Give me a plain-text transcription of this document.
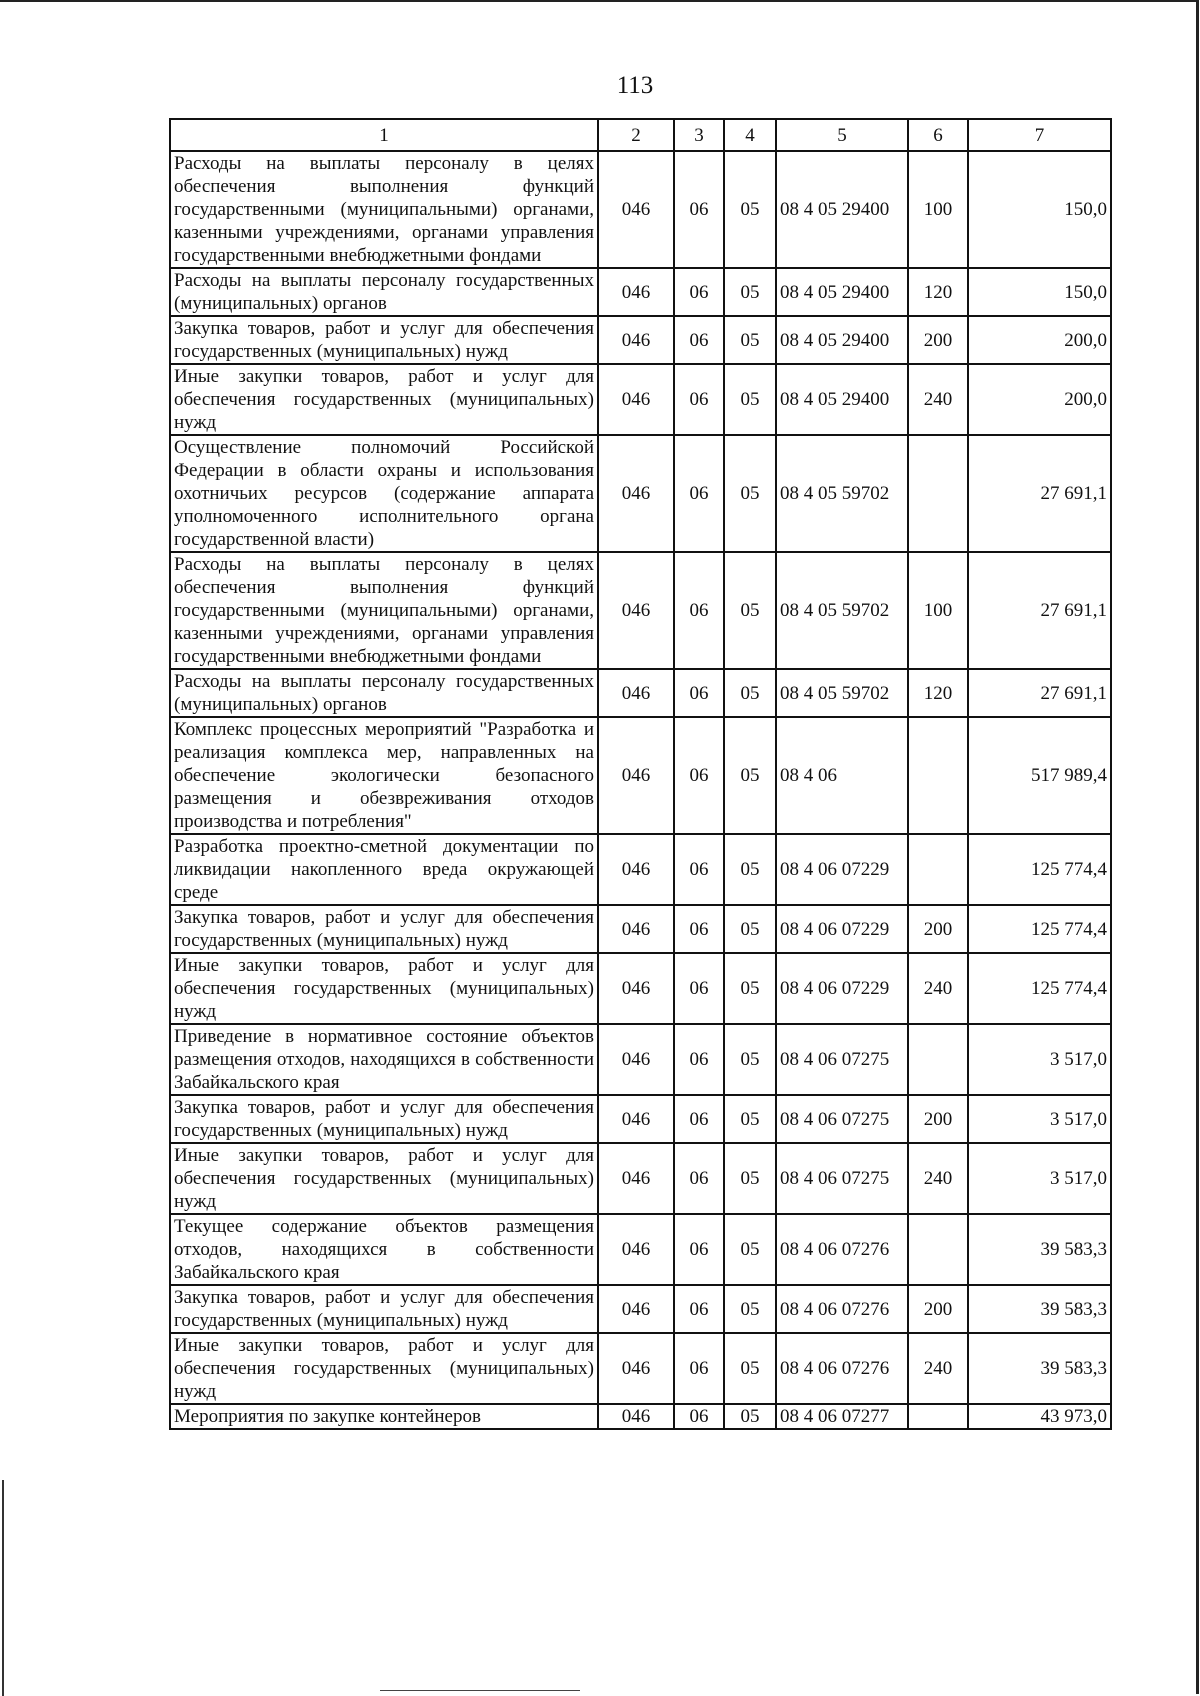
113
1	2	3	4	5	6	7
Расходы на выплаты персоналу в целях обеспечения выполнения функций государственными (муниципальными) органами, казенными учреждениями, органами управления государственными внебюджетными фондами	046	06	05	08 4 05 29400	100	150,0
Расходы на выплаты персоналу государственных (муниципальных) органов	046	06	05	08 4 05 29400	120	150,0
Закупка товаров, работ и услуг для обеспечения государственных (муниципальных) нужд	046	06	05	08 4 05 29400	200	200,0
Иные закупки товаров, работ и услуг для обеспечения государственных (муниципальных) нужд	046	06	05	08 4 05 29400	240	200,0
Осуществление полномочий Российской Федерации в области охраны и использования охотничьих ресурсов (содержание аппарата уполномоченного исполнительного органа государственной власти)	046	06	05	08 4 05 59702		27 691,1
Расходы на выплаты персоналу в целях обеспечения выполнения функций государственными (муниципальными) органами, казенными учреждениями, органами управления государственными внебюджетными фондами	046	06	05	08 4 05 59702	100	27 691,1
Расходы на выплаты персоналу государственных (муниципальных) органов	046	06	05	08 4 05 59702	120	27 691,1
Комплекс процессных мероприятий "Разработка и реализация комплекса мер, направленных на обеспечение экологически безопасного размещения и обезвреживания отходов производства и потребления"	046	06	05	08 4 06		517 989,4
Разработка проектно-сметной документации по ликвидации накопленного вреда окружающей среде	046	06	05	08 4 06 07229		125 774,4
Закупка товаров, работ и услуг для обеспечения государственных (муниципальных) нужд	046	06	05	08 4 06 07229	200	125 774,4
Иные закупки товаров, работ и услуг для обеспечения государственных (муниципальных) нужд	046	06	05	08 4 06 07229	240	125 774,4
Приведение в нормативное состояние объектов размещения отходов, находящихся в собственности Забайкальского края	046	06	05	08 4 06 07275		3 517,0
Закупка товаров, работ и услуг для обеспечения государственных (муниципальных) нужд	046	06	05	08 4 06 07275	200	3 517,0
Иные закупки товаров, работ и услуг для обеспечения государственных (муниципальных) нужд	046	06	05	08 4 06 07275	240	3 517,0
Текущее содержание объектов размещения отходов, находящихся в собственности Забайкальского края	046	06	05	08 4 06 07276		39 583,3
Закупка товаров, работ и услуг для обеспечения государственных (муниципальных) нужд	046	06	05	08 4 06 07276	200	39 583,3
Иные закупки товаров, работ и услуг для обеспечения государственных (муниципальных) нужд	046	06	05	08 4 06 07276	240	39 583,3
Мероприятия по закупке контейнеров	046	06	05	08 4 06 07277		43 973,0
